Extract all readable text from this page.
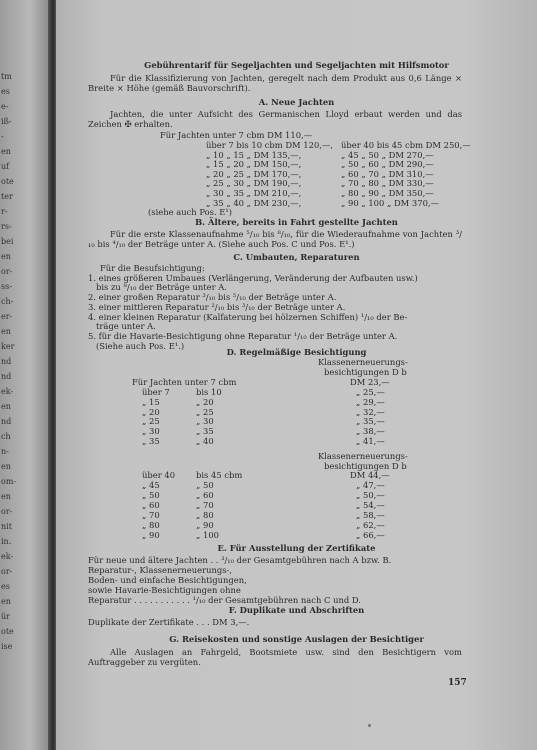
tm
es
e-
iß-
-
en
uf
ote
ter
r-
rs-
bei
en
or-
ss-
ch-
er-
en
ker
nd
nd
ek-
en
nd
ch
n-
en
om-
en
or-
nit
in.
ek-
or-
es
en
ür
ote
ise
Gebührentarif für Segeljachten und Segeljachten mit Hilfsmotor
Für die Klassifizierung von Jachten, geregelt nach dem Produkt aus 0,6 Länge × Breite × Höhe (gemäß Bauvorschrift).
A. Neue Jachten
Jachten, die unter Aufsicht des Germanischen Lloyd erbaut werden und das Zeichen ✠ erhalten.
Für Jachten unter 7 cbm DM 110,—
über 7 bis 10 cbm DM 120,—,
„ 10 „ 15 „ DM 135,—,
„ 15 „ 20 „ DM 150,—,
„ 20 „ 25 „ DM 170,—,
„ 25 „ 30 „ DM 190,—,
„ 30 „ 35 „ DM 210,—,
„ 35 „ 40 „ DM 230,—,
über 40 bis 45 cbm DM 250,—
„ 45 „ 50 „ DM 270,—
„ 50 „ 60 „ DM 290,—
„ 60 „ 70 „ DM 310,—
„ 70 „ 80 „ DM 330,—
„ 80 „ 90 „ DM 350,—
„ 90 „ 100 „ DM 370,—
(siehe auch Pos. E¹)
B. Ältere, bereits in Fahrt gestellte Jachten
Für die erste Klassenaufnahme ⁵/₁₀ bis ⁸/₁₀, für die Wiederaufnahme von Jachten ³/₁₀ bis ⁴/₁₀ der Beträge unter A. (Siehe auch Pos. C und Pos. E¹.)
C. Umbauten, Reparaturen
Für die Besufsichtigung:
1. eines größeren Umbaues (Verlängerung, Veränderung der Aufbauten usw.)
bis zu ⁸/₁₀ der Beträge unter A.
2. einer großen Reparatur ³/₁₀ bis ⁵/₁₀ der Beträge unter A.
3. einer mittleren Reparatur ²/₁₀ bis ³/₁₀ der Beträge unter A.
4. einer kleinen Reparatur (Kalfaterung bei hölzernen Schiffen) ¹/₁₀ der Be-
träge unter A.
5. für die Havarie-Besichtigung ohne Reparatur ¹/₁₀ der Beträge unter A.
(Siehe auch Pos. E¹.)
D. Regelmäßige Besichtigung
Klassenerneuerungs-
besichtigungen D b
Für Jachten unter 7 cbm	DM 23,—
über 7	bis 10	„ 25,—
„ 15	„ 20	„ 29,—
„ 20	„ 25	„ 32,—
„ 25	„ 30	„ 35,—
„ 30	„ 35	„ 38,—
„ 35	„ 40	„ 41,—
Klassenerneuerungs-
besichtigungen D b
über 40 bis 45 cbm	DM 44,—
„ 45	„ 50	„ 47,—
„ 50	„ 60	„ 50,—
„ 60	„ 70	„ 54,—
„ 70	„ 80	„ 58,—
„ 80	„ 90	„ 62,—
„ 90	„ 100	„ 66,—
E. Für Ausstellung der Zertifikate
Für neue und ältere Jachten . . ³/₁₀ der Gesamtgebühren nach A bzw. B.
Reparatur-, Klassenerneuerungs-,
Boden- und einfache Besichtigungen,
sowie Havarie-Besichtigungen ohne
Reparatur . . . . . . . . . . . ¹/₁₀ der Gesamtgebühren nach C und D.
F. Duplikate und Abschriften
Duplikate der Zertifikate . . . DM 3,—.
G. Reisekosten und sonstige Auslagen der Besichtiger
Alle Auslagen an Fahrgeld, Bootsmiete usw. sind den Besichtigern vom Auftraggeber zu vergüten.
157
